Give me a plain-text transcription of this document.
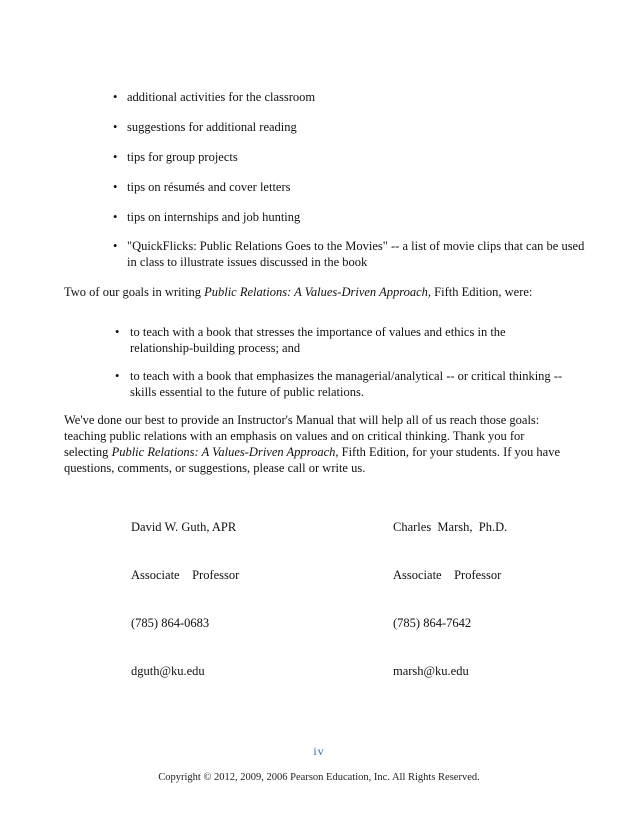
• additional activities for the classroom
• suggestions for additional reading
• tips for group projects
• tips on résumés and cover letters
• tips on internships and job hunting
• "QuickFlicks: Public Relations Goes to the Movies" -- a list of movie clips that can be used in class to illustrate issues discussed in the book
Two of our goals in writing Public Relations: A Values-Driven Approach, Fifth Edition, were:
• to teach with a book that stresses the importance of values and ethics in the relationship-building process; and
• to teach with a book that emphasizes the managerial/analytical -- or critical thinking -- skills essential to the future of public relations.
We've done our best to provide an Instructor's Manual that will help all of us reach those goals: teaching public relations with an emphasis on values and on critical thinking. Thank you for selecting Public Relations: A Values-Driven Approach, Fifth Edition, for your students. If you have questions, comments, or suggestions, please call or write us.

David W. Guth, APR

Associate    Professor

(785) 864-0683

dguth@ku.edu

Charles  Marsh,  Ph.D.

Associate    Professor

(785) 864-7642

marsh@ku.edu

iv
Copyright © 2012, 2009, 2006 Pearson Education, Inc. All Rights Reserved.
